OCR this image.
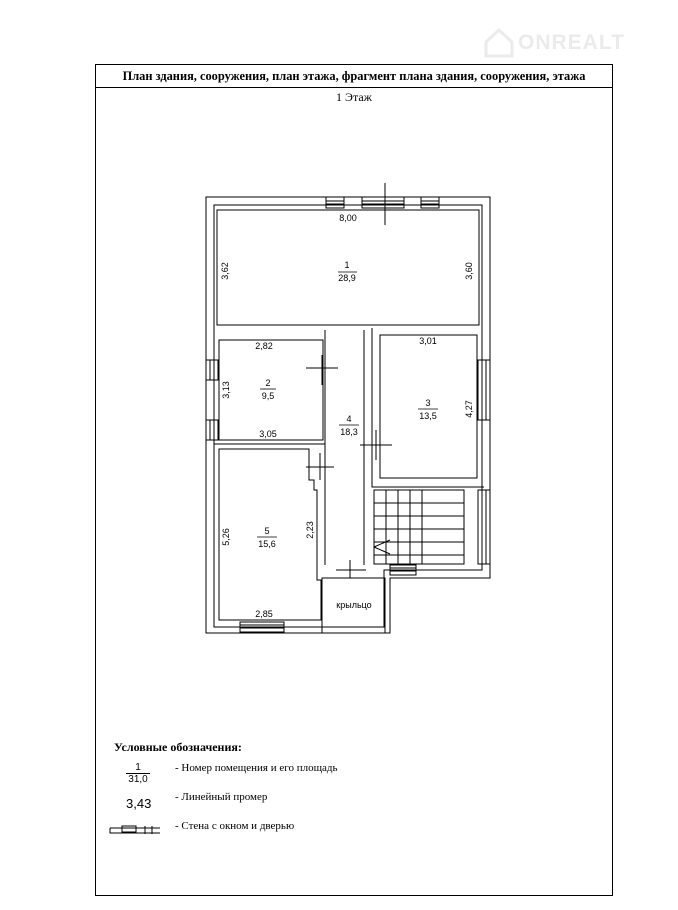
ONREALT
План здания, сооружения, план этажа, фрагмент плана здания, сооружения, этажа
1 Этаж
1
28,9
2
9,5
3
13,5
4
18,3
5
15,6
крыльцо
8,00
3,62	3,60
2,82
3,13
3,05
3,01
4,27
5,26	2,23
2,85
Условные обозначения:
1
31,0
- Номер помещения и его площадь
3,43 - Линейный промер
- Стена с окном и дверью
